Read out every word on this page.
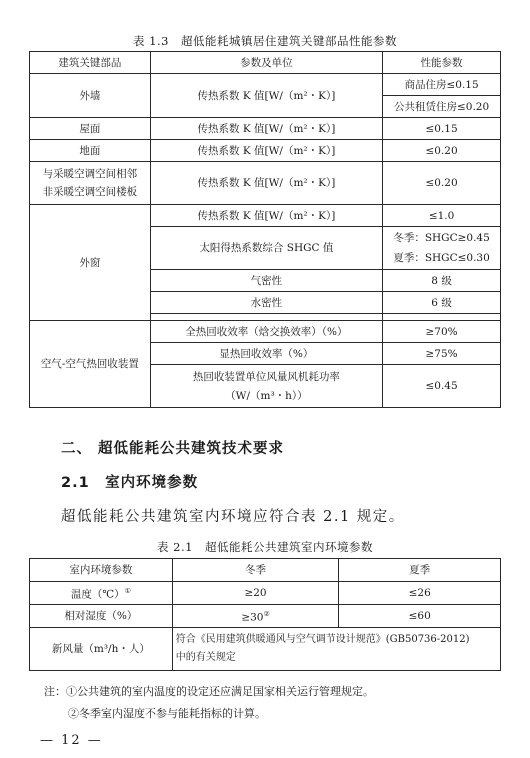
表 1.3　超低能耗城镇居住建筑关键部品性能参数
建筑关键部品	参数及单位	性能参数
外墙	传热系数 K 值[W/（m²・K）]	商品住房≤0.15
		公共租赁住房≤0.20
屋面	传热系数 K 值[W/（m²・K）]	≤0.15
地面	传热系数 K 值[W/（m²・K）]	≤0.20

与采暖空调空间相邻
非采暖空调空间楼板	传热系数 K 值[W/（m²・K）]	≤0.20
外窗	传热系数 K 值[W/（m²・K）]	≤1.0
	太阳得热系数综合 SHGC 值	冬季：SHGC≥0.45
夏季：SHGC≤0.30

	气密性	8 级
	水密性	6 级

空气-空气热回收装置	全热回收效率（焓交换效率）（%）	≥70%
	显热回收效率（%）	≥75%

	热回收装置单位风量风机耗功率
（W/（m³・h））	≤0.45
二、 超低能耗公共建筑技术要求
2.1　室内环境参数
超低能耗公共建筑室内环境应符合表 2.1 规定。
表 2.1　超低能耗公共建筑室内环境参数
室内环境参数	冬季	夏季
温度（℃）①	≥20	≤26
相对湿度（%）	≥30②	≤60
新风量（m³/h・人）	符合《民用建筑供暖通风与空气调节设计规范》(GB50736-2012)
中的有关规定	
注：①公共建筑的室内温度的设定还应满足国家相关运行管理规定。
②冬季室内湿度不参与能耗指标的计算。
— 12 —
